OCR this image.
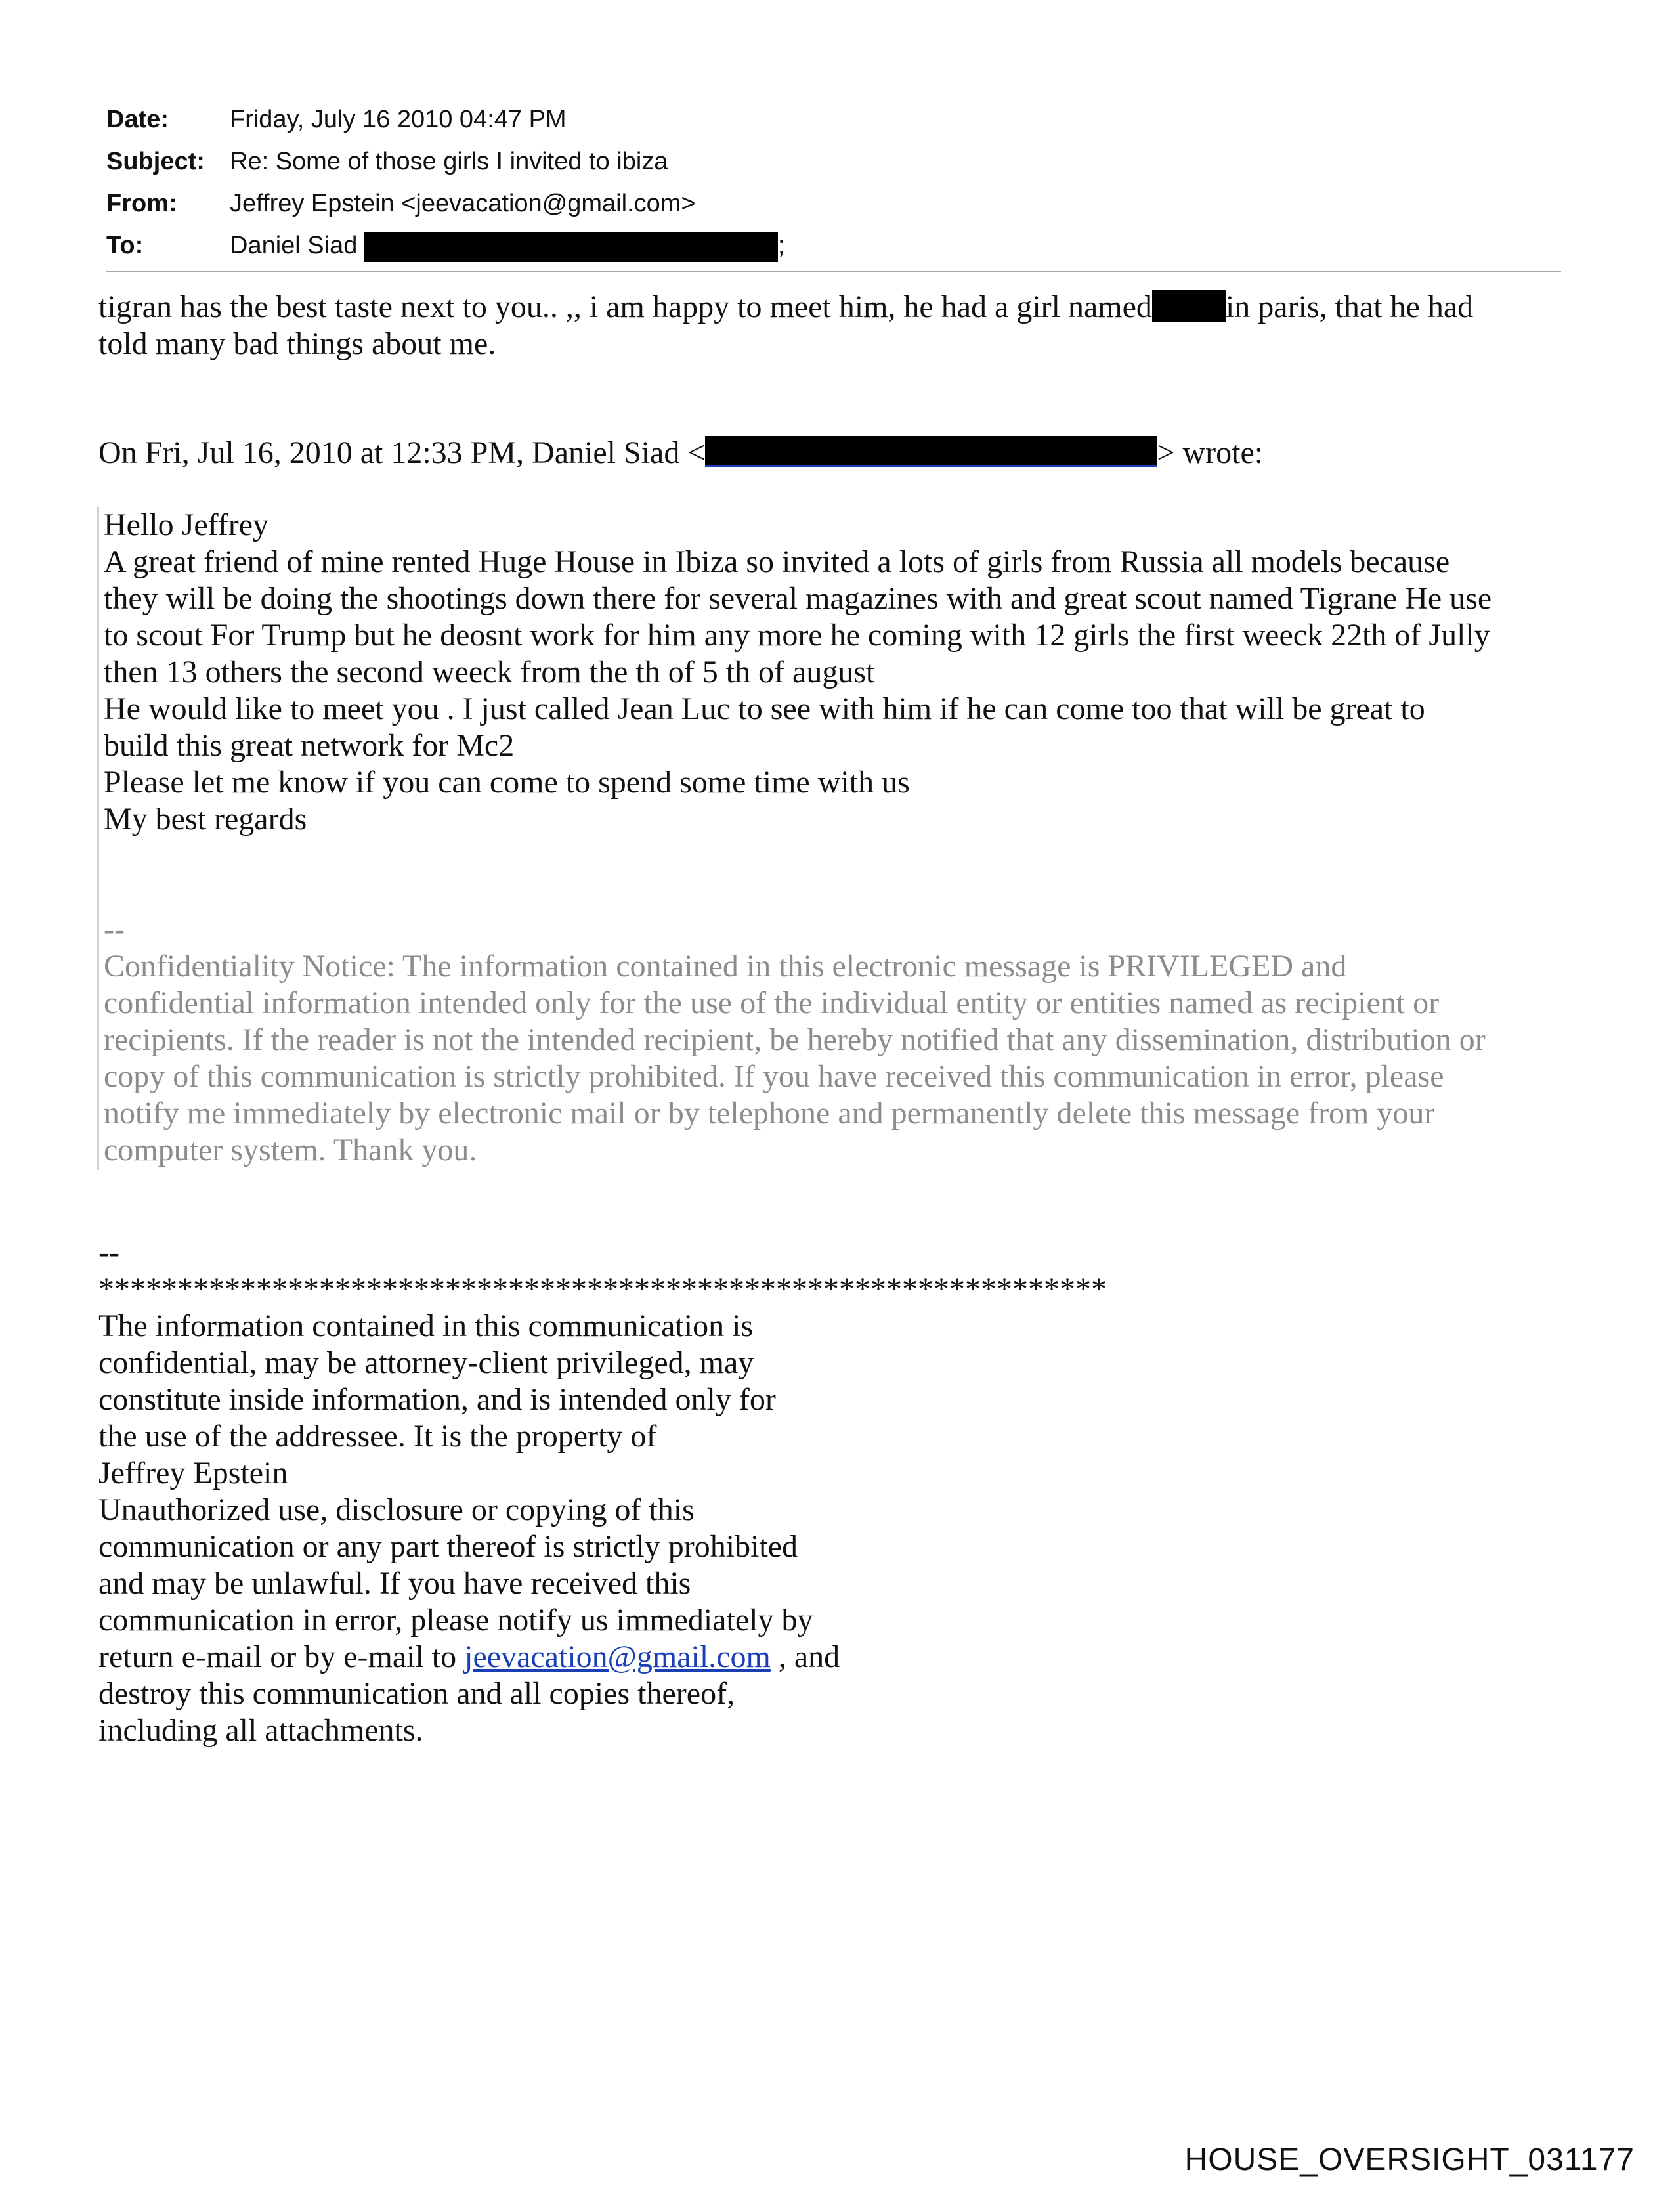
Date: Friday, July 16 2010 04:47 PM
Subject: Re: Some of those girls I invited to ibiza
From: Jeffrey Epstein <jeevacation@gmail.com>
To:	Daniel Siad	;
tigran has the best taste next to you.. ,, i am happy to meet him, he had a girl named in paris, that he had
told many bad things about me.
On Fri, Jul 16, 2010 at 12:33 PM, Daniel Siad <	> wrote:
Hello Jeffrey
A great friend of mine rented Huge House in Ibiza so invited a lots of girls from Russia all models because
they will be doing the shootings down there for several magazines with and great scout named Tigrane He use
to scout For Trump but he deosnt work for him any more he coming with 12 girls the first weeck 22th of Jully
then 13 others the second weeck from the th of 5 th of august
He would like to meet you . I just called Jean Luc to see with him if he can come too that will be great to
build this great network for Mc2
Please let me know if you can come to spend some time with us
My best regards
--
Confidentiality Notice: The information contained in this electronic message is PRIVILEGED and
confidential information intended only for the use of the individual entity or entities named as recipient or
recipients. If the reader is not the intended recipient, be hereby notified that any dissemination, distribution or
copy of this communication is strictly prohibited. If you have received this communication in error, please
notify me immediately by electronic mail or by telephone and permanently delete this message from your
computer system. Thank you.
--
****************************************************************
The information contained in this communication is
confidential, may be attorney-client privileged, may
constitute inside information, and is intended only for
the use of the addressee. It is the property of
Jeffrey Epstein
Unauthorized use, disclosure or copying of this
communication or any part thereof is strictly prohibited
and may be unlawful. If you have received this
communication in error, please notify us immediately by
return e-mail or by e-mail to jeevacation@gmail.com , and
destroy this communication and all copies thereof,
including all attachments.
HOUSE_OVERSIGHT_031177
